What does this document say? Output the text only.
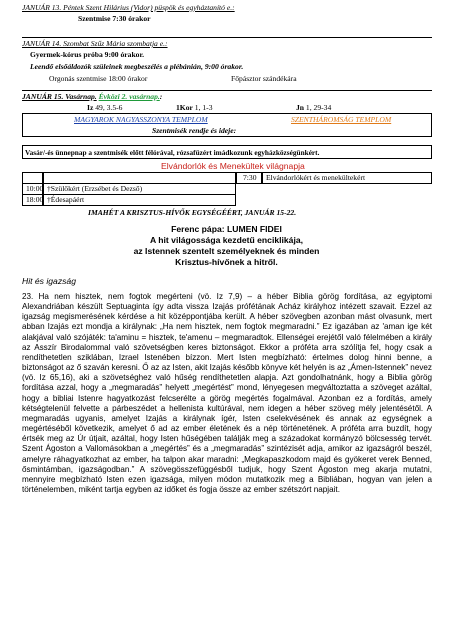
JANUÁR 13. Péntek Szent Hilárius (Vidor) püspök és egyháztanító e.:
Szentmise 7:30 órakor
JANUÁR 14. Szombat Szűz Mária szombatja e.:
Gyermek-kórus próba 9:00 órakor.
Leendő elsőáldozók szüleinek megbeszélés a plébánián, 9:00 órakor.
Orgonás szentmise 18:00 órakor	Főpásztor szándékára
JANUÁR 15. Vasárnap. Évközi 2. vasárnap.:
Iz 49, 3.5-6	1Kor 1, 1-3	Jn 1, 29-34
MAGYAROK NAGYASSZONYA TEMPLOM	SZENTHÁROMSÁG TEMPLOM
Szentmisék rendje és ideje:
Vasár/-és ünnepnap a szentmisék előtt félórával, rózsafüzért imádkozunk egyházközségünkért.
Elvándorlók és Menekültek világnapja
7:30	Elvándorlókért és menekültekért
10:00 †Szülőkért (Erzsébet és Dezső)
18:00 †Édesapáért
IMAHÉT A KRISZTUS-HÍVŐK EGYSÉGÉÉRT, JANUÁR 15-22.
Ferenc pápa: LUMEN FIDEI
A hit világossága kezdetű enciklikája,
az Istennek szentelt személyeknek és minden
Krisztus-hívőnek a hitről.
Hit és igazság

23. Ha nem hisztek, nem fogtok megérteni (vö. Iz 7,9) – a héber Biblia görög fordítása, az egyiptomi Alexandriában készült Septuaginta így adta vissza Izajás prófétának Acház királyhoz intézett szavait. Ezzel az igazság megismerésének kérdése a hit középpontjába került. A héber szövegben azonban mást olvasunk, mert abban Izajás ezt mondja a királynak: „Ha nem hisztek, nem fogtok megmaradni.” Ez igazában az 'aman ige két alakjával való szójáték: ta'aminu = hisztek, te'amenu – megmaradtok. Ellenségei erejétől való félelmében a király az Asszír Birodalommal való szövetségben keres biztonságot. Ekkor a próféta arra szólítja fel, hogy csak a rendíthetetlen sziklában, Izrael Istenében bízzon. Mert Isten megbízható: értelmes dolog hinni benne, a biztonságot az ő szaván keresni. Ő az az Isten, akit Izajás később könyve két helyén is az „Ámen-Istennek” nevez (vö. Iz 65,16), aki a szövetséghez való hűség rendíthetetlen alapja. Azt gondolhatnánk, hogy a Biblia görög fordítása azzal, hogy a „megmaradás” helyett „megértést” mond, lényegesen megváltoztatta a szöveget azáltal, hogy a bibliai Istenre hagyatkozást felcserélte a görög megértés fogalmával. Azonban ez a fordítás, amely kétségtelenül felvette a párbeszédet a hellenista kultúrával, nem idegen a héber szöveg mély jelentésétől. A megmaradás ugyanis, amelyet Izajás a királynak ígér, Isten cselekvésének és annak az egységnek a megértéséből következik, amelyet ő ad az ember életének és a nép történetének. A próféta arra buzdít, hogy értsék meg az Úr útjait, azáltal, hogy Isten hűségében találják meg a századokat kormányzó bölcsesség tervét. Szent Ágoston a Vallomásokban a „megértés” és a „megmaradás” szintézisét adja, amikor az igazságról beszél, amelyre ráhagyatkozhat az ember, ha talpon akar maradni: „Megkapaszkodom majd és gyökeret verek Benned, ősmintámban, igazságodban.” A szövegösszefüggésből tudjuk, hogy Szent Ágoston meg akarja mutatni, mennyire megbízható Isten ezen igazsága, milyen módon mutatkozik meg a Bibliában, hogyan van jelen a történelemben, miként tartja egyben az időket és fogja össze az ember szétszórt napjait.
